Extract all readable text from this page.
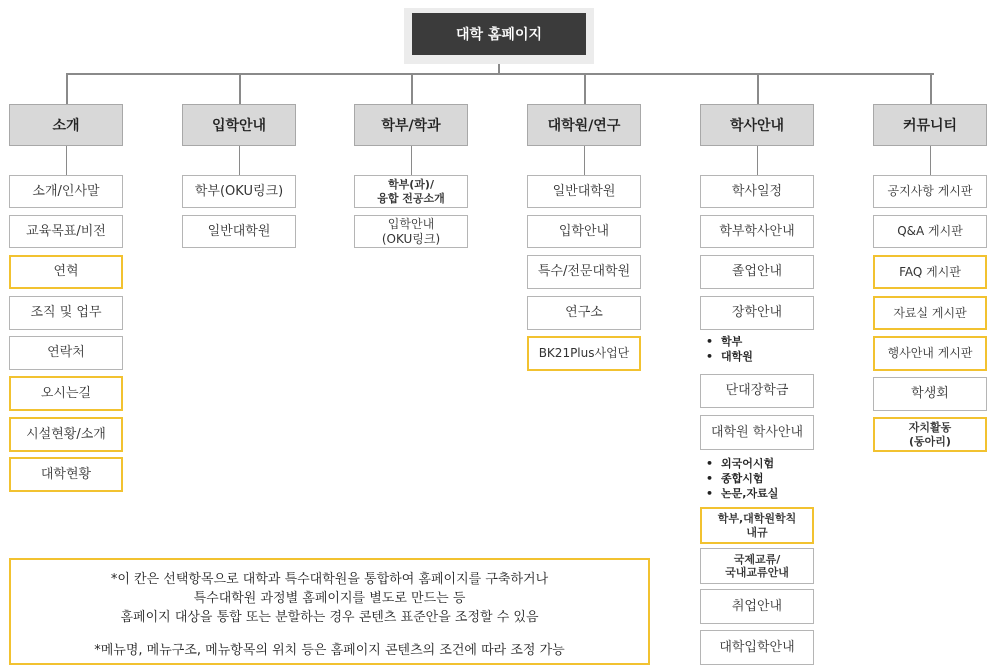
대학 홈페이지
소개	입학안내	학부/학과	대학원/연구	학사안내	커뮤니티
소개/인사말
교육목표/비전
연혁
조직 및 업무
연락처
오시는길
시설현황/소개
대학현황
학부(OKU링크)
일반대학원
학부(과)/
융합 전공소개
입학안내
(OKU링크)
일반대학원
입학안내
특수/전문대학원
연구소
BK21Plus사업단
학사일정
학부학사안내
졸업안내
장학안내
• 학부
• 대학원
단대장학금
대학원 학사안내
• 외국어시험
• 종합시험
• 논문,자료실
학부,대학원학칙
내규
국제교류/
국내교류안내
취업안내
대학입학안내
공지사항 게시판
Q&A 게시판
FAQ 게시판
자료실 게시판
행사안내 게시판
학생회
자치활동
(동아리)

*이 칸은 선택항목으로 대학과 특수대학원을 통합하여 홈페이지를 구축하거나

특수대학원 과정별 홈페이지를 별도로 만드는 등

홈페이지 대상을 통합 또는 분할하는 경우 콘텐츠 표준안을 조정할 수 있음

*메뉴명, 메뉴구조, 메뉴항목의 위치 등은 홈페이지 콘텐츠의 조건에 따라 조정 가능
